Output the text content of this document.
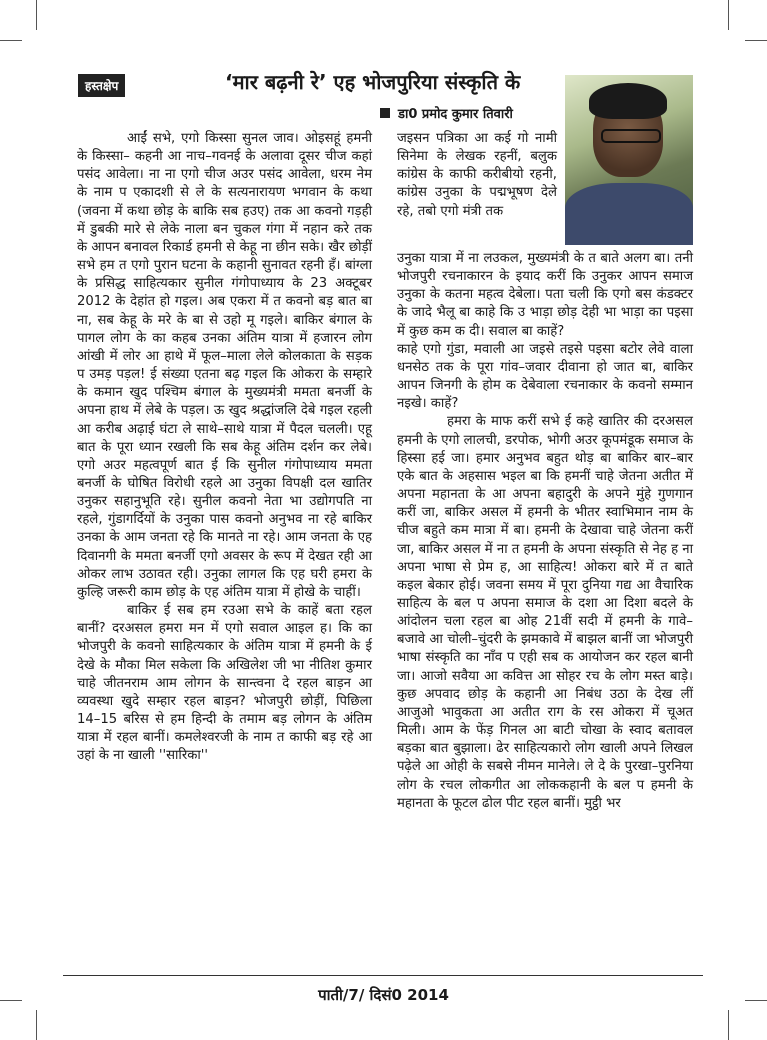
हस्तक्षेप	‘मार बढ़नी रे’ एह भोजपुरिया संस्कृति के
डा0 प्रमोद कुमार तिवारी

आईं सभे, एगो किस्सा सुनल जाव। ओइसहूं हमनी के किस्सा– कहनी आ नाच–गवनई के अलावा दूसर चीज कहां पसंद आवेला। ना ना एगो चीज अउर पसंद आवेला, धरम नेम के नाम प एकादशी से ले के सत्यनारायण भगवान के कथा (जवना में कथा छोड़ के बाकि सब हउए) तक आ कवनो गड़ही में डुबकी मारे से लेके नाला बन चुकल गंगा में नहान करे तक के आपन बनावल रिकार्ड हमनी से केहू ना छीन सके। खैर छोड़ीं सभे हम त एगो पुरान घटना के कहानी सुनावत रहनी हँ। बांग्ला के प्रसिद्ध साहित्यकार सुनील गंगोपाध्याय के 23 अक्टूबर 2012 के देहांत हो गइल। अब एकरा में त कवनो बड़ बात बा ना, सब केहू के मरे के बा से उहो मू गइले। बाकिर बंगाल के पागल लोग के का कहब उनका अंतिम यात्रा में हजारन लोग आंखी में लोर आ हाथे में फूल–माला लेले कोलकाता के सड़क प उमड़ पड़ल! ई संख्या एतना बढ़ गइल कि ओकरा के सम्हारे के कमान खुद पश्चिम बंगाल के मुख्यमंत्री ममता बनर्जी के अपना हाथ में लेबे के पड़ल। ऊ खुद श्रद्धांजलि देबे गइल रहली आ करीब अढ़ाई घंटा ले साथे–साथे यात्रा में पैदल चलली। एहू बात के पूरा ध्यान रखली कि सब केहू अंतिम दर्शन कर लेबे। एगो अउर महत्वपूर्ण बात ई कि सुनील गंगोपाध्याय ममता बनर्जी के घोषित विरोधी रहले आ उनुका विपक्षी दल खातिर उनुकर सहानुभूति रहे। सुनील कवनो नेता भा उद्योगपति ना रहले, गुंडागर्दियों के उनुका पास कवनो अनुभव ना रहे बाकिर उनका के आम जनता रहे कि मानते ना रहे। आम जनता के एह दिवानगी के ममता बनर्जी एगो अवसर के रूप में देखत रही आ ओकर लाभ उठावत रही। उनुका लागल कि एह घरी हमरा के कुल्हि जरूरी काम छोड़ के एह अंतिम यात्रा में होखे के चाहीं।

बाकिर ई सब हम रउआ सभे के काहें बता रहल बानीं? दरअसल हमरा मन में एगो सवाल आइल ह। कि का भोजपुरी के कवनो साहित्यकार के अंतिम यात्रा में हमनी के ई देखे के मौका मिल सकेला कि अखिलेश जी भा नीतिश कुमार चाहे जीतनराम आम लोगन के सान्त्वना दे रहल बाड़न आ व्यवस्था खुदे सम्हार रहल बाड़न? भोजपुरी छोड़ीं, पिछिला 14–15 बरिस से हम हिन्दी के तमाम बड़ लोगन के अंतिम यात्रा में रहल बानीं। कमलेश्वरजी के नाम त काफी बड़ रहे आ उहां के ना खाली ''सारिका''

जइसन पत्रिका आ कई गो नामी सिनेमा के लेखक रहनीं, बलुक कांग्रेस के काफी करीबीयो रहनी, कांग्रेस उनुका के पद्मभूषण देले रहे, तबो एगो मंत्री तक

उनुका यात्रा में ना लउकल, मुख्यमंत्री के त बाते अलग बा। तनी भोजपुरी रचनाकारन के इयाद करीं कि उनुकर आपन समाज उनुका के कतना महत्व देबेला। पता चली कि एगो बस कंडक्टर के जादे भैलू बा काहे कि उ भाड़ा छोड़ देही भा भाड़ा का पइसा में कुछ कम क दी। सवाल बा काहें?

काहे एगो गुंडा, मवाली आ जइसे तइसे पइसा बटोर लेवे वाला धनसेठ तक के पूरा गांव–जवार दीवाना हो जात बा, बाकिर आपन जिनगी के होम क देबेवाला रचनाकार के कवनो सम्मान नइखे। काहें?

हमरा के माफ करीं सभे ई कहे खातिर की दरअसल हमनी के एगो लालची, डरपोक, भोगी अउर कूपमंडूक समाज के हिस्सा हई जा। हमार अनुभव बहुत थोड़ बा बाकिर बार–बार एके बात के अहसास भइल बा कि हमनीं चाहे जेतना अतीत में अपना महानता के आ अपना बहादुरी के अपने मुंहे गुणगान करीं जा, बाकिर असल में हमनी के भीतर स्वाभिमान नाम के चीज बहुते कम मात्रा में बा। हमनी के देखावा चाहे जेतना करीं जा, बाकिर असल में ना त हमनी के अपना संस्कृति से नेह ह ना अपना भाषा से प्रेम ह, आ साहित्य! ओकरा बारे में त बाते कइल बेकार होई। जवना समय में पूरा दुनिया गद्य आ वैचारिक साहित्य के बल प अपना समाज के दशा आ दिशा बदले के आंदोलन चला रहल बा ओह 21वीं सदी में हमनी के गावे–बजावे आ चोली–चुंदरी के झमकावे में बाझल बानीं जा भोजपुरी भाषा संस्कृति का नाँव प एही सब क आयोजन कर रहल बानी जा। आजो सवैया आ कवित्त आ सोहर रच के लोग मस्त बाड़े। कुछ अपवाद छोड़ के कहानी आ निबंध उठा के देख लीं आजुओ भावुकता आ अतीत राग के रस ओकरा में चूअत मिली। आम के फेंड़ गिनल आ बाटी चोखा के स्वाद बतावल बड़का बात बुझाला। ढेर साहित्यकारो लोग खाली अपने लिखल पढ़ेले आ ओही के सबसे नीमन मानेले। ले दे के पुरखा–पुरनिया लोग के रचल लोकगीत आ लोककहानी के बल प हमनी के महानता के फूटल ढोल पीट रहल बानीं। मुट्ठी भर

पाती/7/ दिसं0 2014
